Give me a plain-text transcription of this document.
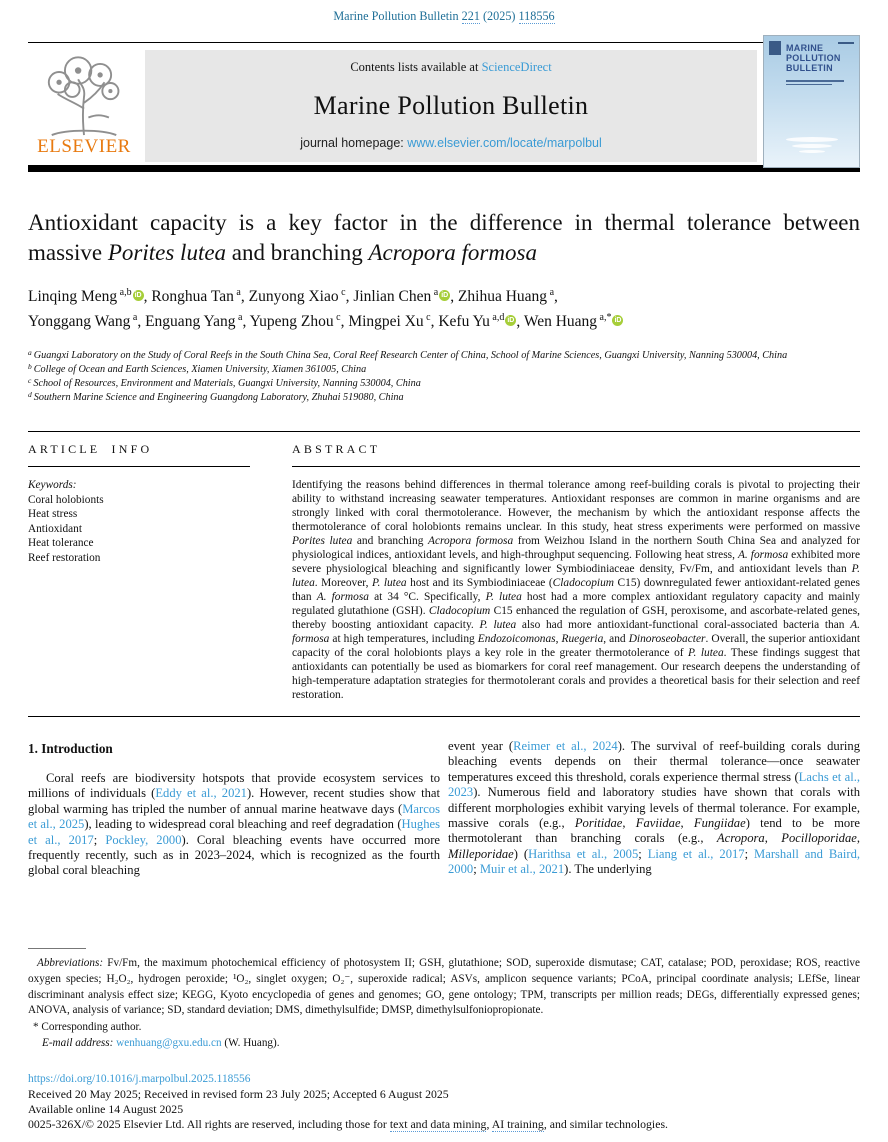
Marine Pollution Bulletin 221 (2025) 118556
ELSEVIER
Contents lists available at ScienceDirect
Marine Pollution Bulletin
journal homepage: www.elsevier.com/locate/marpolbul
MARINE POLLUTION BULLETIN
Antioxidant capacity is a key factor in the difference in thermal tolerance between massive Porites lutea and branching Acropora formosa
Linqing Meng $^{a,b}$ iD , Ronghua Tan $^a$, Zunyong Xiao $^c$, Jinlian Chen $^a$ iD , Zhihua Huang $^a$,
Yonggang Wang $^a$, Enguang Yang $^a$, Yupeng Zhou $^c$, Mingpei Xu $^c$, Kefu Yu $^{a,d}$ iD , Wen Huang $^{a,*}$ iD
$^a$ Guangxi Laboratory on the Study of Coral Reefs in the South China Sea, Coral Reef Research Center of China, School of Marine Sciences, Guangxi University, Nanning 530004, China
$^b$ College of Ocean and Earth Sciences, Xiamen University, Xiamen 361005, China
$^c$ School of Resources, Environment and Materials, Guangxi University, Nanning 530004, China
$^d$ Southern Marine Science and Engineering Guangdong Laboratory, Zhuhai 519080, China
ARTICLE INFO
Keywords:
Coral holobionts
Heat stress
Antioxidant
Heat tolerance
Reef restoration
ABSTRACT
Identifying the reasons behind differences in thermal tolerance among reef-building corals is pivotal to projecting their ability to withstand increasing seawater temperatures. Antioxidant responses are common in marine organisms and are strongly linked with coral thermotolerance. However, the mechanism by which the antioxidant response affects the thermotolerance of coral holobionts remains unclear. In this study, heat stress experiments were performed on massive Porites lutea and branching Acropora formosa from Weizhou Island in the northern South China Sea and analyzed for physiological indices, antioxidant levels, and high-throughput sequencing. Following heat stress, A. formosa exhibited more severe physiological bleaching and significantly lower Symbiodiniaceae density, Fv/Fm, and antioxidant levels than P. lutea. Moreover, P. lutea host and its Symbiodiniaceae (Cladocopium C15) downregulated fewer antioxidant-related genes than A. formosa at 34 °C. Specifically, P. lutea host had a more complex antioxidant regulatory capacity and mainly regulated glutathione (GSH). Cladocopium C15 enhanced the regulation of GSH, peroxisome, and ascorbate-related genes, thereby boosting antioxidant capacity. P. lutea also had more antioxidant-functional coral-associated bacteria than A. formosa at high temperatures, including Endozoicomonas, Ruegeria, and Dinoroseobacter. Overall, the superior antioxidant capacity of the coral holobionts plays a key role in the greater thermotolerance of P. lutea. These findings suggest that antioxidants can potentially be used as biomarkers for coral reef management. Our research deepens the understanding of high-temperature adaptation strategies for thermotolerant corals and provides a theoretical basis for their selection and reef restoration.
1. Introduction
Coral reefs are biodiversity hotspots that provide ecosystem services to millions of individuals (Eddy et al., 2021). However, recent studies show that global warming has tripled the number of annual marine heatwave days (Marcos et al., 2025), leading to widespread coral bleaching and reef degradation (Hughes et al., 2017; Pockley, 2000). Coral bleaching events have occurred more frequently recently, such as in 2023–2024, which is recognized as the fourth global coral bleaching
event year (Reimer et al., 2024). The survival of reef-building corals during bleaching events depends on their thermal tolerance—once seawater temperatures exceed this threshold, corals experience thermal stress (Lachs et al., 2023). Numerous field and laboratory studies have shown that corals with different morphologies exhibit varying levels of thermal tolerance. For example, massive corals (e.g., Poritidae, Faviidae, Fungiidae) tend to be more thermotolerant than branching corals (e.g., Acropora, Pocilloporidae, Milleporidae) (Harithsa et al., 2005; Liang et al., 2017; Marshall and Baird, 2000; Muir et al., 2021). The underlying
Abbreviations: Fv/Fm, the maximum photochemical efficiency of photosystem II; GSH, glutathione; SOD, superoxide dismutase; CAT, catalase; POD, peroxidase; ROS, reactive oxygen species; H₂O₂, hydrogen peroxide; ¹O₂, singlet oxygen; O₂⁻, superoxide radical; ASVs, amplicon sequence variants; PCoA, principal coordinate analysis; LEfSe, linear discriminant analysis effect size; KEGG, Kyoto encyclopedia of genes and genomes; GO, gene ontology; TPM, transcripts per million reads; DEGs, differentially expressed genes; ANOVA, analysis of variance; SD, standard deviation; DMS, dimethylsulfide; DMSP, dimethylsulfoniopropionate.
* Corresponding author.
E-mail address: wenhuang@gxu.edu.cn (W. Huang).
https://doi.org/10.1016/j.marpolbul.2025.118556
Received 20 May 2025; Received in revised form 23 July 2025; Accepted 6 August 2025
Available online 14 August 2025
0025-326X/© 2025 Elsevier Ltd. All rights are reserved, including those for text and data mining, AI training, and similar technologies.
